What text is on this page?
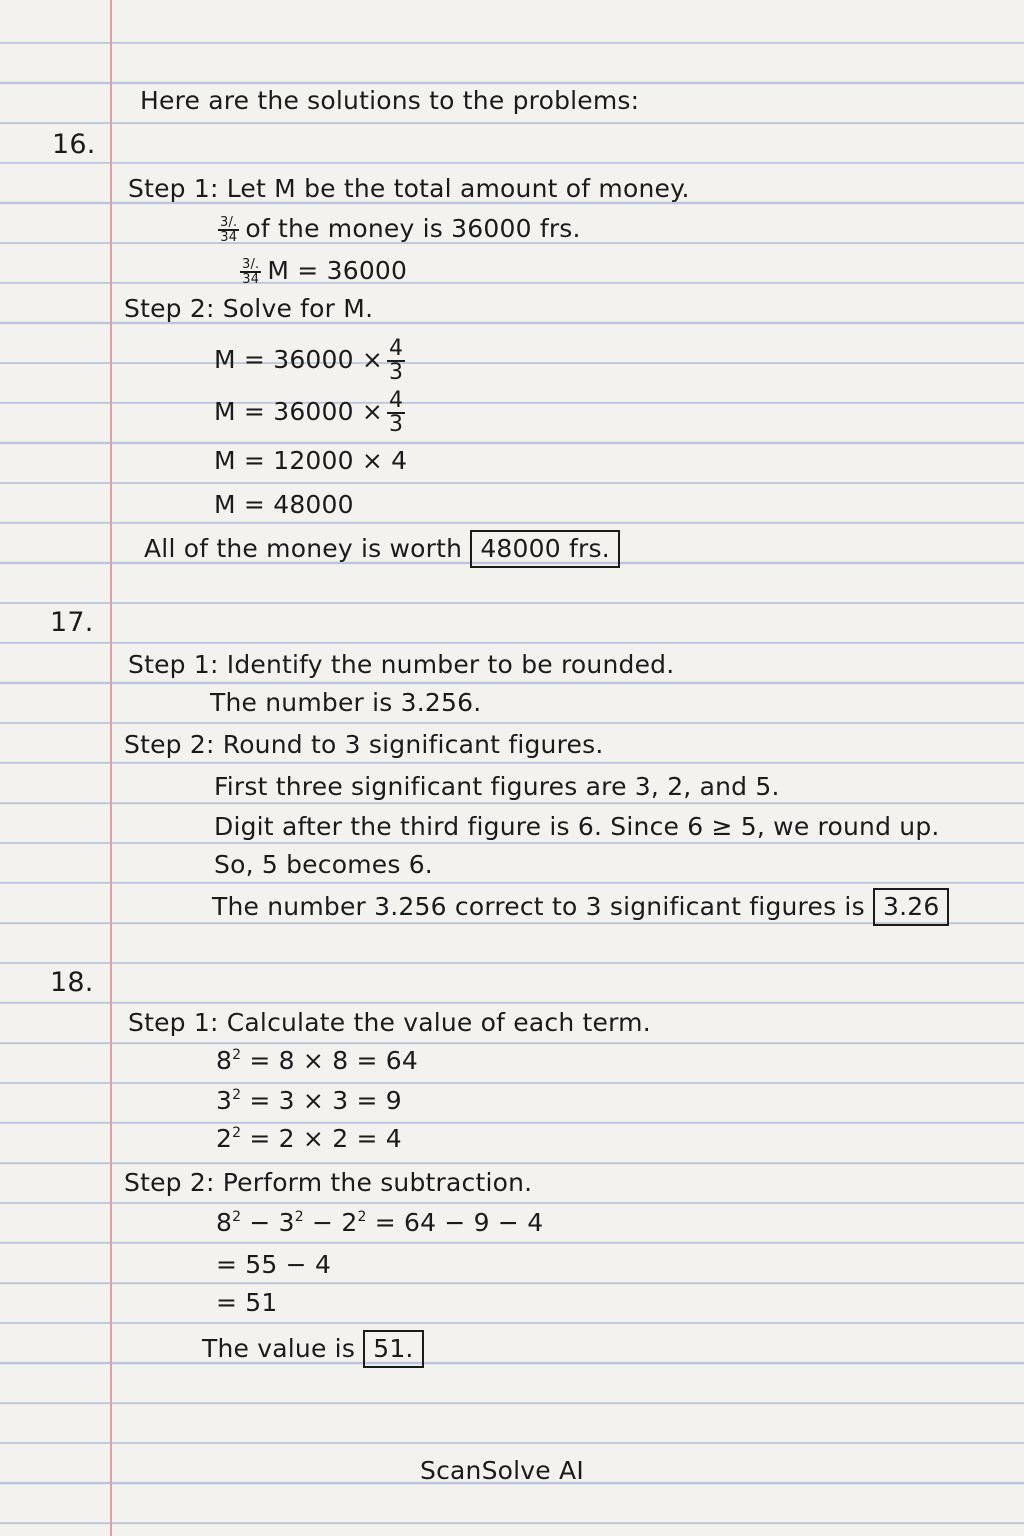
Here are the solutions to the problems:
16.
Step 1: Let M be the total amount of money.
$\frac{3/.}{34}$ of the money is 36000 frs.
$\frac{3/.}{34}$ M = 36000
Step 2: Solve for M.
$M = 36000 \times \frac{4}{3}$
$M = 36000 \times \frac{4}{3}$
M = 12000 × 4
M = 48000
All of the money is worth 48000 frs.
17.
Step 1: Identify the number to be rounded.
The number is 3.256.
Step 2: Round to 3 significant figures.
First three significant figures are 3, 2, and 5.
Digit after the third figure is 6. Since 6 ≥ 5, we round up.
So, 5 becomes 6.
The number 3.256 correct to 3 significant figures is 3.26
18.
Step 1: Calculate the value of each term.
$8^2 = 8 \times 8 = 64$
$3^2 = 3 \times 3 = 9$
$2^2 = 2 \times 2 = 4$
Step 2: Perform the subtraction.
$8^2 - 3^2 - 2^2 = 64 - 9 - 4$
= 55 − 4
= 51
The value is 51.
ScanSolve AI
